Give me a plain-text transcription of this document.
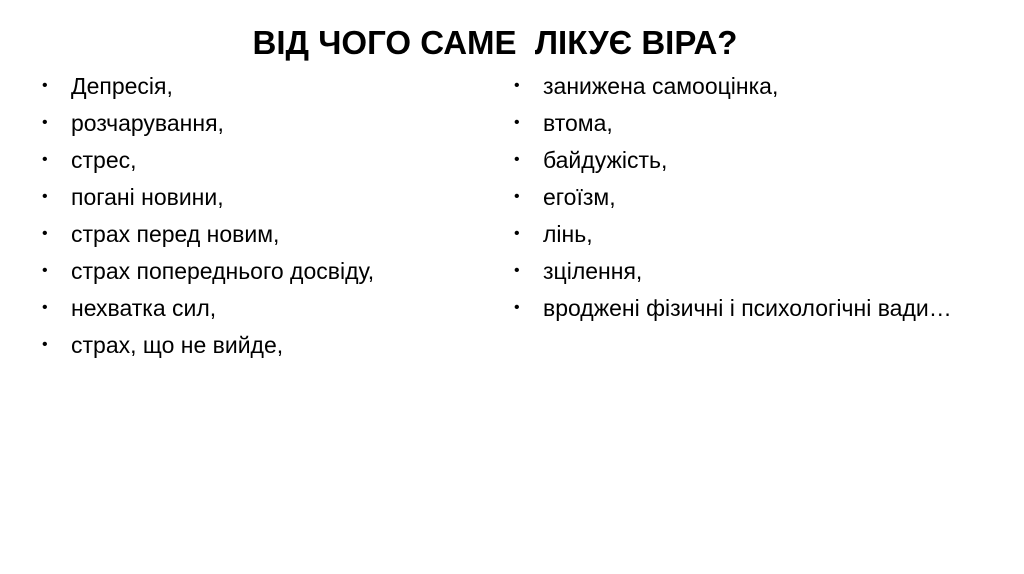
ВІД ЧОГО САМЕ  ЛІКУЄ ВІРА?
• Депресія,
• розчарування,
• стрес,
• погані новини,
• страх перед новим,
• страх попереднього досвіду,
• нехватка сил,
• страх, що не вийде,
• занижена самооцінка,
• втома,
• байдужість,
• егоїзм,
• лінь,
• зцілення,
• вроджені фізичні і психологічні вади…
